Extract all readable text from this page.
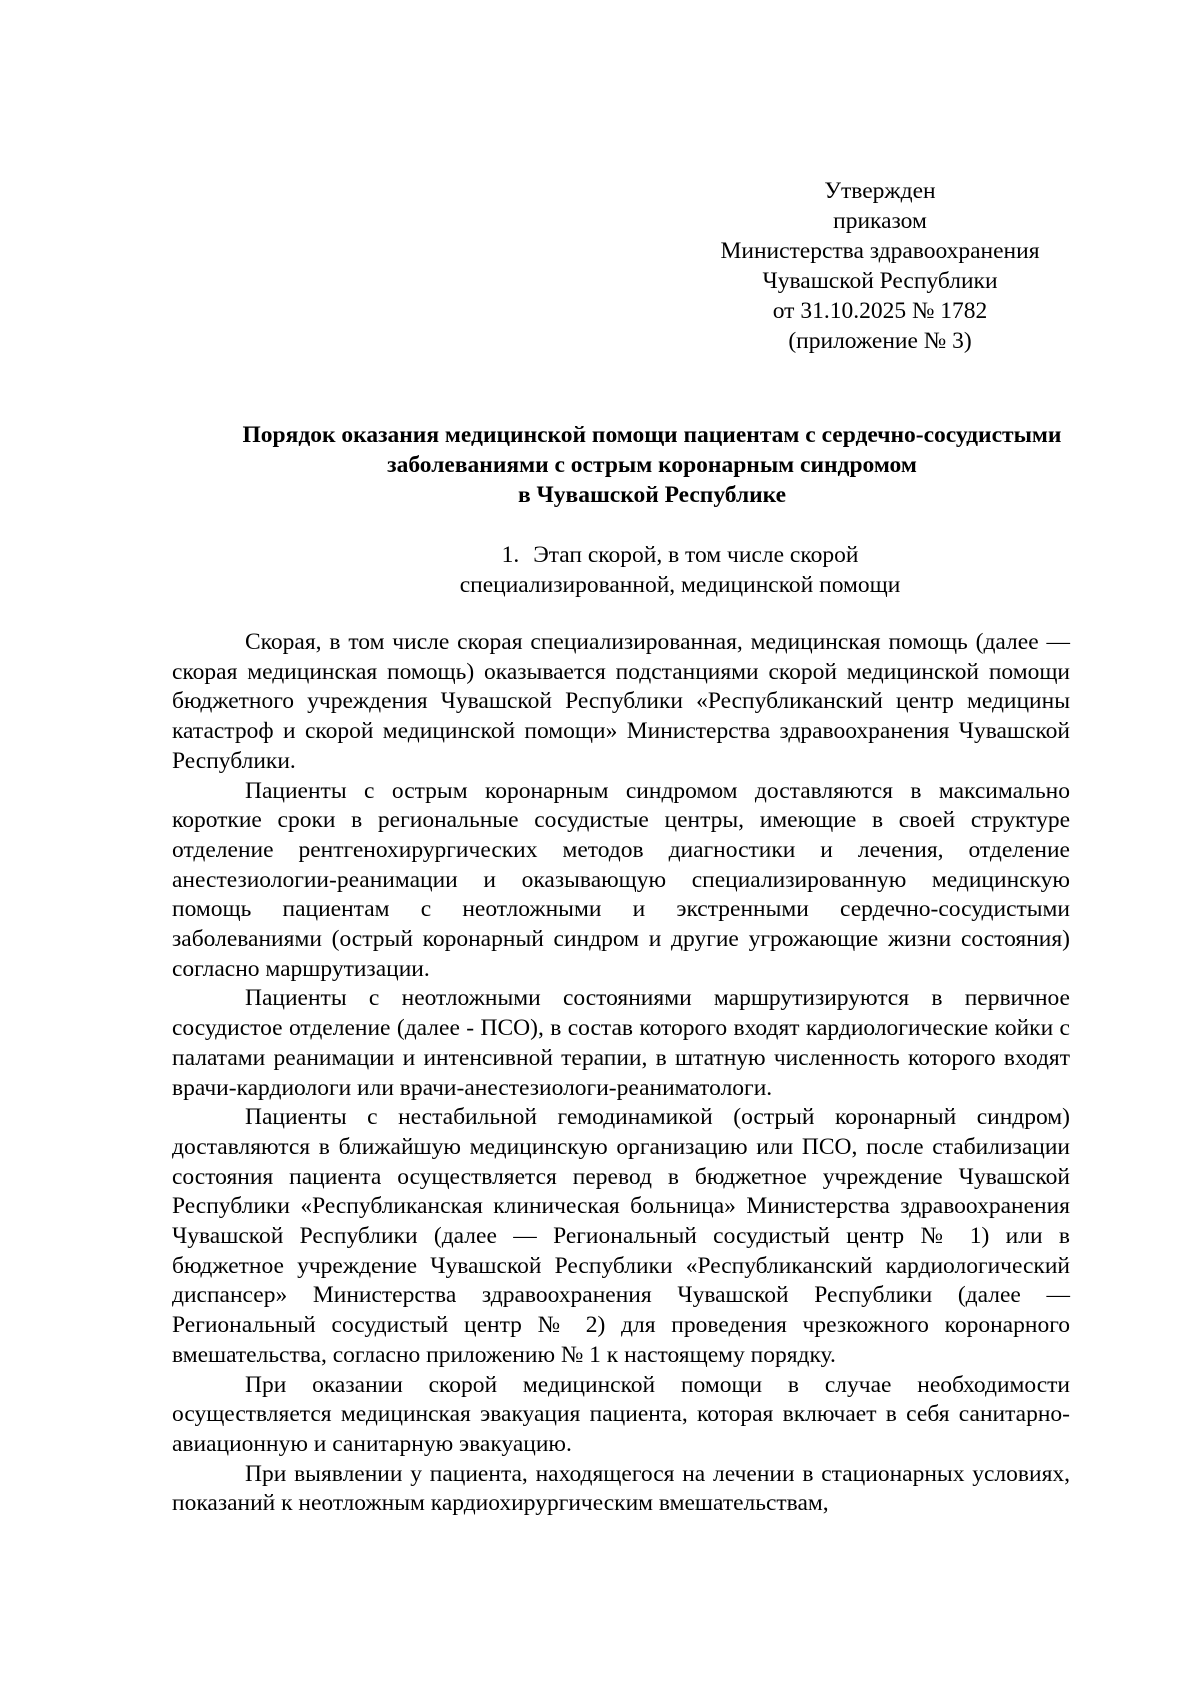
Утвержден
приказом
Министерства здравоохранения
Чувашской Республики
от 31.10.2025 № 1782
(приложение № 3)
Порядок оказания медицинской помощи пациентам с сердечно-сосудистыми
заболеваниями с острым коронарным синдромом
в Чувашской Республике
1. Этап скорой, в том числе скорой
специализированной, медицинской помощи

Скорая, в том числе скорая специализированная, медицинская помощь (далее — скорая медицинская помощь) оказывается подстанциями скорой медицинской помощи бюджетного учреждения Чувашской Республики «Республиканский центр медицины катастроф и скорой медицинской помощи» Министерства здравоохранения Чувашской Республики.

Пациенты с острым коронарным синдромом доставляются в максимально короткие сроки в региональные сосудистые центры, имеющие в своей структуре отделение рентгенохирургических методов диагностики и лечения, отделение анестезиологии-реанимации и оказывающую специализированную медицинскую помощь пациентам с неотложными и экстренными сердечно-сосудистыми заболеваниями (острый коронарный синдром и другие угрожающие жизни состояния) согласно маршрутизации.

Пациенты с неотложными состояниями маршрутизируются в первичное сосудистое отделение (далее - ПСО), в состав которого входят кардиологические койки с палатами реанимации и интенсивной терапии, в штатную численность которого входят врачи-кардиологи или врачи-анестезиологи-реаниматологи.

Пациенты с нестабильной гемодинамикой (острый коронарный синдром) доставляются в ближайшую медицинскую организацию или ПСО, после стабилизации состояния пациента осуществляется перевод в бюджетное учреждение Чувашской Республики «Республиканская клиническая больница» Министерства здравоохранения Чувашской Республики (далее — Региональный сосудистый центр № 1) или в бюджетное учреждение Чувашской Республики «Республиканский кардиологический диспансер» Министерства здравоохранения Чувашской Республики (далее — Региональный сосудистый центр № 2) для проведения чрезкожного коронарного вмешательства, согласно приложению № 1 к настоящему порядку.

При оказании скорой медицинской помощи в случае необходимости осуществляется медицинская эвакуация пациента, которая включает в себя санитарно-авиационную и санитарную эвакуацию.

При выявлении у пациента, находящегося на лечении в стационарных условиях, показаний к неотложным кардиохирургическим вмешательствам,
